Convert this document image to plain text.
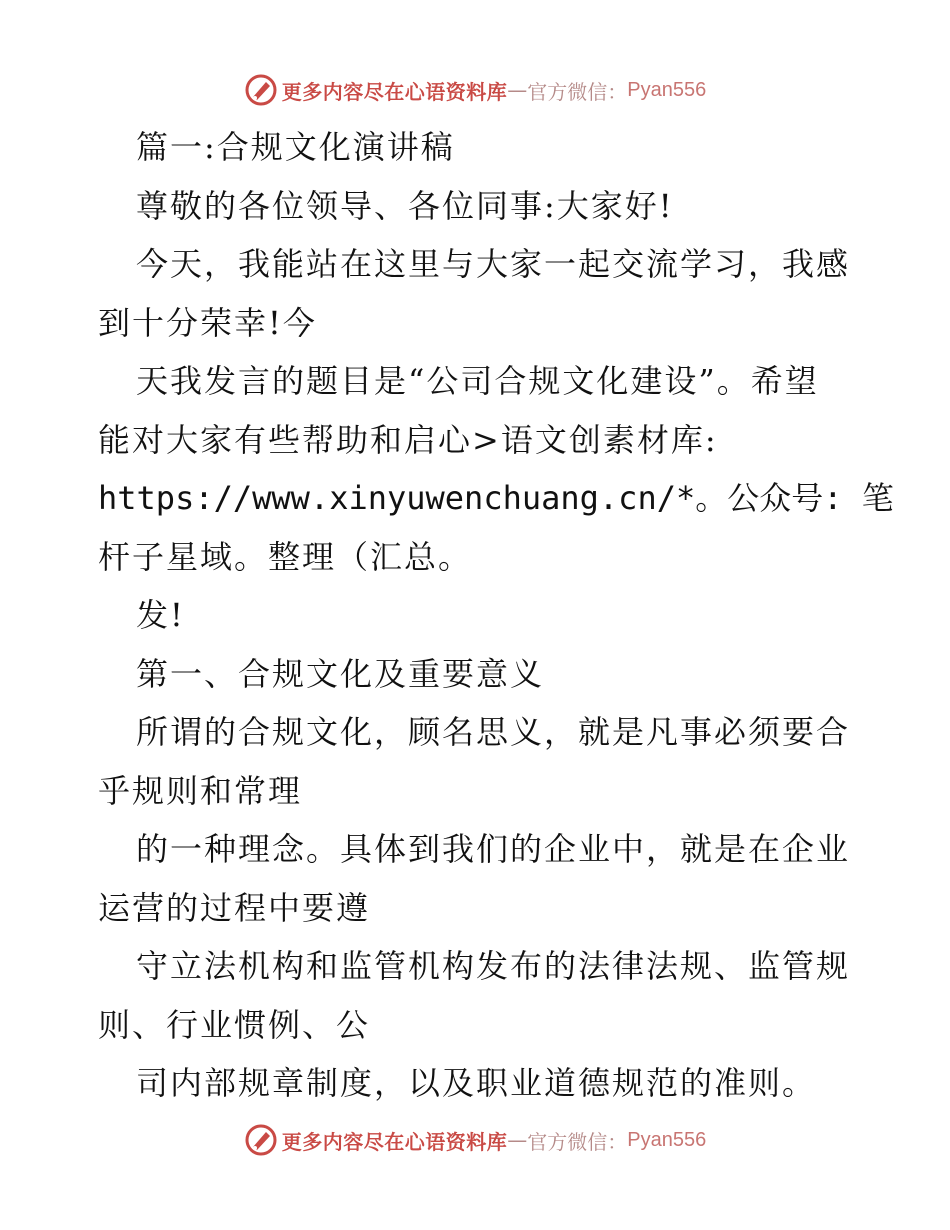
更多内容尽在心语资料库 — 官方微信： Pyan556
篇一:合规文化演讲稿
尊敬的各位领导、各位同事:大家好!
今天，我能站在这里与大家一起交流学习，我感
到十分荣幸!今
天我发言的题目是“公司合规文化建设”。希望
能对大家有些帮助和启心>语文创素材库:
https://www.xinyuwenchuang.cn/*。公众号: 笔
杆子星域。整理（汇总。
发!
第一、合规文化及重要意义
所谓的合规文化，顾名思义，就是凡事必须要合
乎规则和常理
的一种理念。具体到我们的企业中，就是在企业
运营的过程中要遵
守立法机构和监管机构发布的法律法规、监管规
则、行业惯例、公
司内部规章制度，以及职业道德规范的准则。
更多内容尽在心语资料库 — 官方微信： Pyan556
